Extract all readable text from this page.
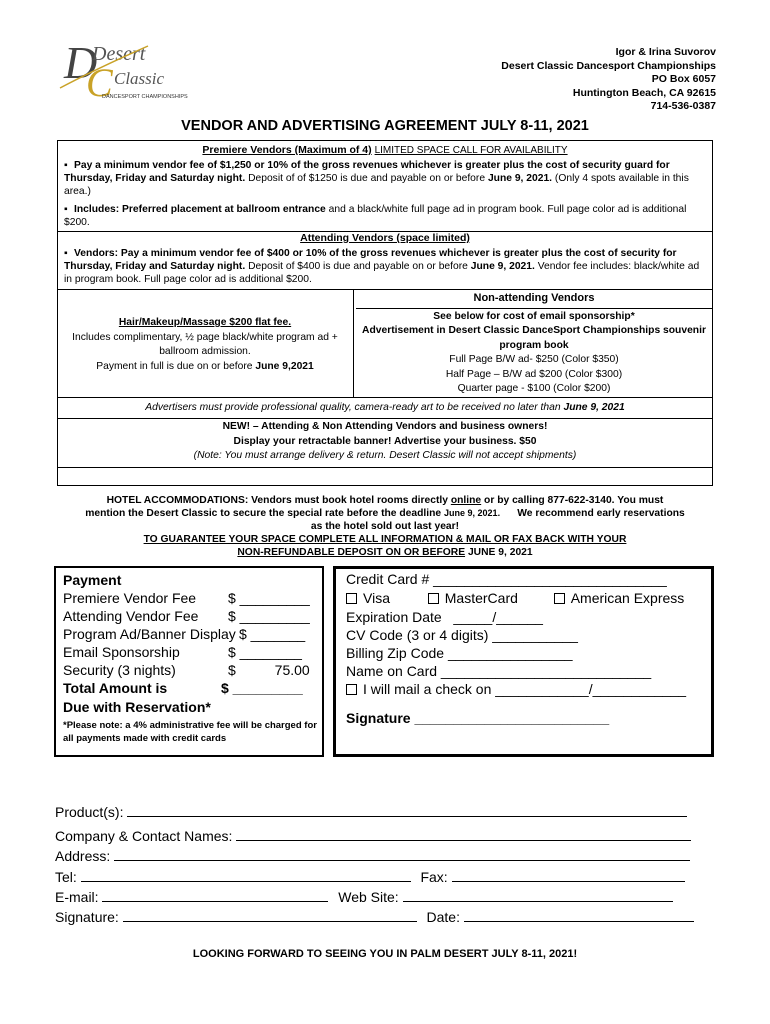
D
Desert
C Classic
DANCESPORT CHAMPIONSHIPS
Igor & Irina Suvorov
Desert Classic Dancesport Championships
PO Box 6057
Huntington Beach, CA 92615
714-536-0387
VENDOR AND ADVERTISING AGREEMENT JULY 8-11, 2021
Premiere Vendors (Maximum of 4) LIMITED SPACE CALL FOR AVAILABILITY
▪ Pay a minimum vendor fee of $1,250 or 10% of the gross revenues whichever is greater plus the cost of security guard for Thursday, Friday and Saturday night. Deposit of of $1250 is due and payable on or before June 9, 2021. (Only 4 spots available in this area.)
▪ Includes: Preferred placement at ballroom entrance and a black/white full page ad in program book. Full page color ad is additional $200.
Attending Vendors (space limited)
▪ Vendors: Pay a minimum vendor fee of $400 or 10% of the gross revenues whichever is greater plus the cost of security for Thursday, Friday and Saturday night. Deposit of $400 is due and payable on or before June 9, 2021. Vendor fee includes: black/white ad in program book. Full page color ad is additional $200.
Hair/Makeup/Massage $200 flat fee.
Includes complimentary, ½ page black/white program ad + ballroom admission.
Payment in full is due on or before June 9,2021
Non-attending Vendors
See below for cost of email sponsorship*
Advertisement in Desert Classic DanceSport Championships souvenir program book
Full Page B/W ad- $250 (Color $350)
Half Page – B/W ad $200 (Color $300)
Quarter page - $100 (Color $200)
Advertisers must provide professional quality, camera-ready art to be received no later than June 9, 2021
NEW! – Attending & Non Attending Vendors and business owners!
Display your retractable banner! Advertise your business. $50
(Note: You must arrange delivery & return. Desert Classic will not accept shipments)
HOTEL ACCOMMODATIONS: Vendors must book hotel rooms directly online or by calling 877-622-3140. You must
mention the Desert Classic to secure the special rate before the deadline June 9, 2021. We recommend early reservations
as the hotel sold out last year!
TO GUARANTEE YOUR SPACE COMPLETE ALL INFORMATION & MAIL OR FAX BACK WITH YOUR
NON-REFUNDABLE DEPOSIT ON OR BEFORE JUNE 9, 2021
Payment
Premiere Vendor Fee $ _________
Attending Vendor Fee $ _________
Program Ad/Banner Display $ _______
Email Sponsorship	$ ________
Security (3 nights)	$          75.00
Total Amount is	$ _________
Due with Reservation*
*Please note: a 4% administrative fee will be charged for all payments made with credit cards
Credit Card # ______________________________
Visa	MasterCard	American Express
Expiration Date   _____/______
CV Code (3 or 4 digits) ___________
Billing Zip Code ________________
Name on Card ___________________________
I will mail a check on ____________/____________
Signature _________________________
Product(s):
Company & Contact Names:
Address:
Tel:	Fax:
E-mail:	Web Site:
Signature:	Date:
LOOKING FORWARD TO SEEING YOU IN PALM DESERT JULY 8-11, 2021!
